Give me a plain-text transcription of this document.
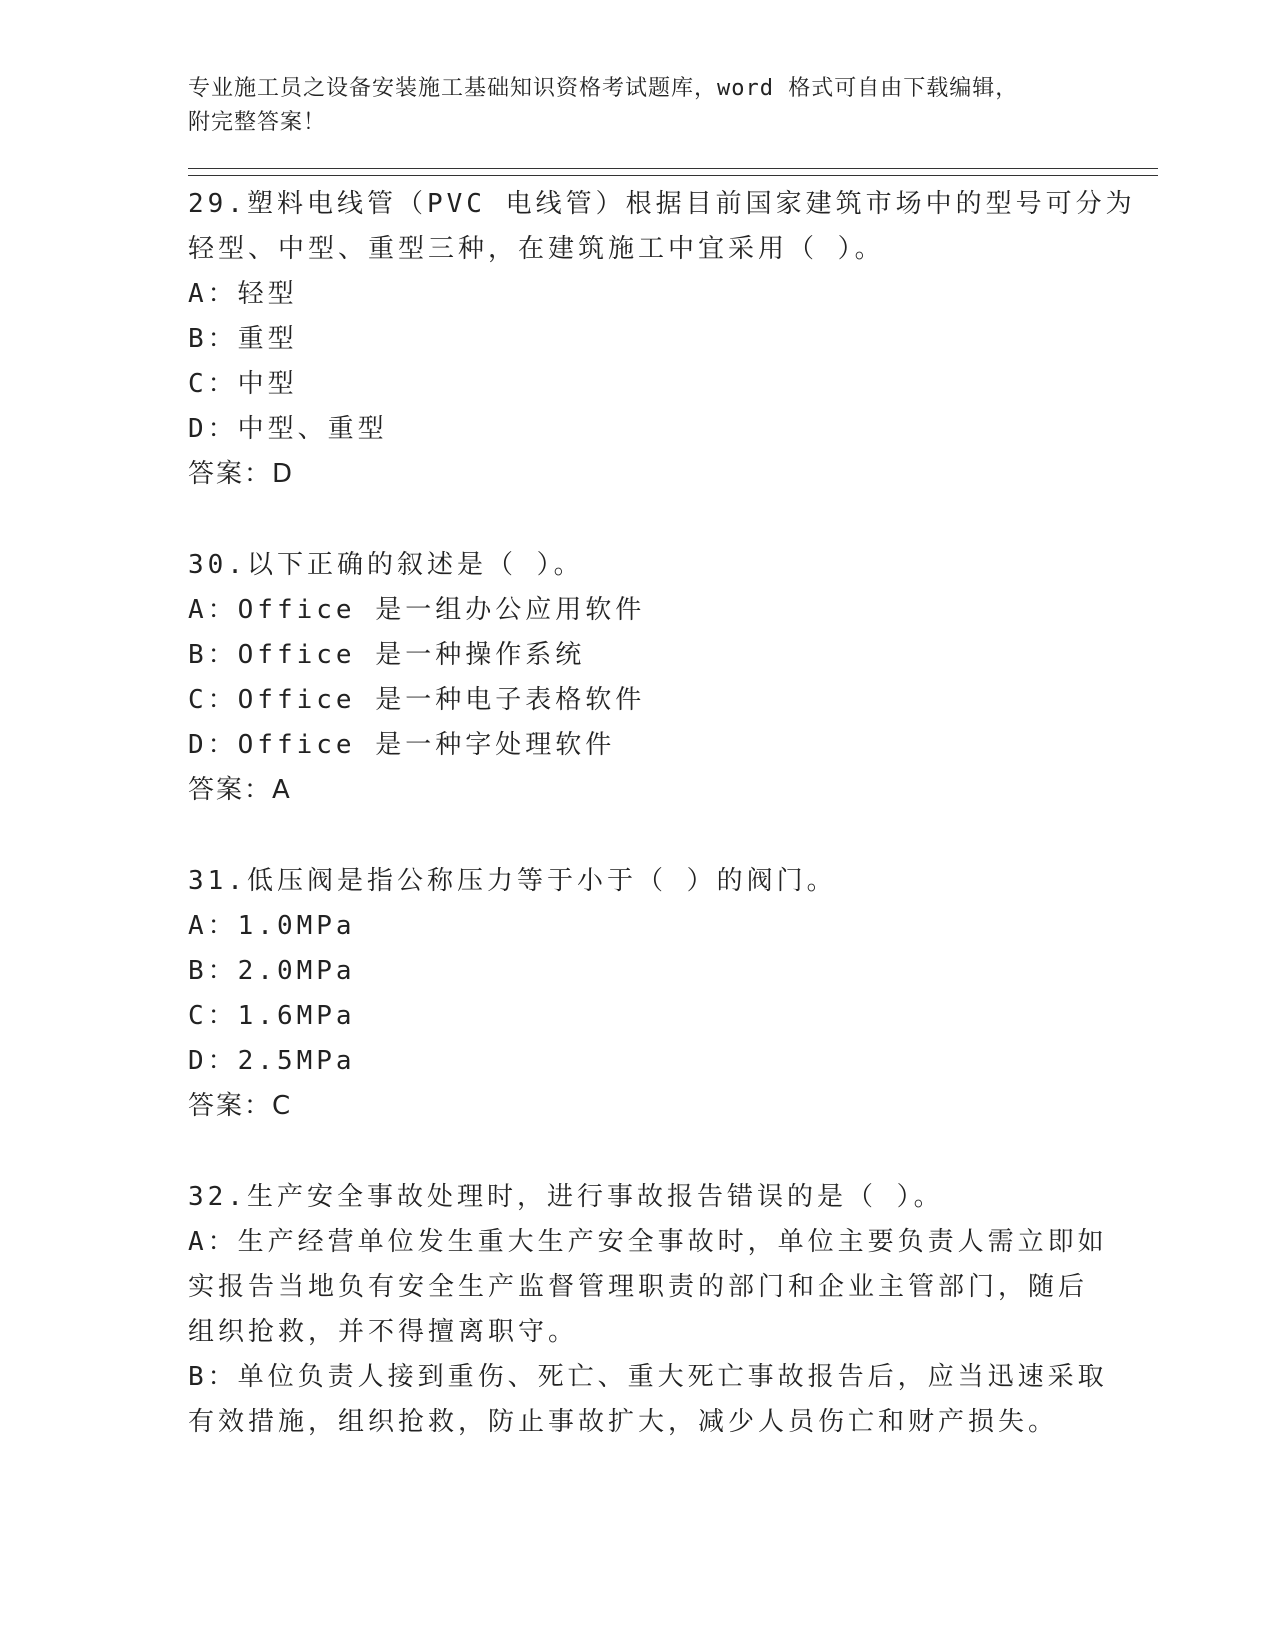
专业施工员之设备安装施工基础知识资格考试题库，word 格式可自由下载编辑，
附完整答案！
29.塑料电线管（PVC 电线管）根据目前国家建筑市场中的型号可分为
轻型、中型、重型三种，在建筑施工中宜采用（ ）。
A：轻型
B：重型
C：中型
D：中型、重型
答案：D
30.以下正确的叙述是（ ）。
A：Office 是一组办公应用软件
B：Office 是一种操作系统
C：Office 是一种电子表格软件
D：Office 是一种字处理软件
答案：A
31.低压阀是指公称压力等于小于（ ）的阀门。
A：1.0MPa
B：2.0MPa
C：1.6MPa
D：2.5MPa
答案：C
32.生产安全事故处理时，进行事故报告错误的是（ ）。
A：生产经营单位发生重大生产安全事故时，单位主要负责人需立即如
实报告当地负有安全生产监督管理职责的部门和企业主管部门，随后
组织抢救，并不得擅离职守。
B：单位负责人接到重伤、死亡、重大死亡事故报告后，应当迅速采取
有效措施，组织抢救，防止事故扩大，减少人员伤亡和财产损失。
